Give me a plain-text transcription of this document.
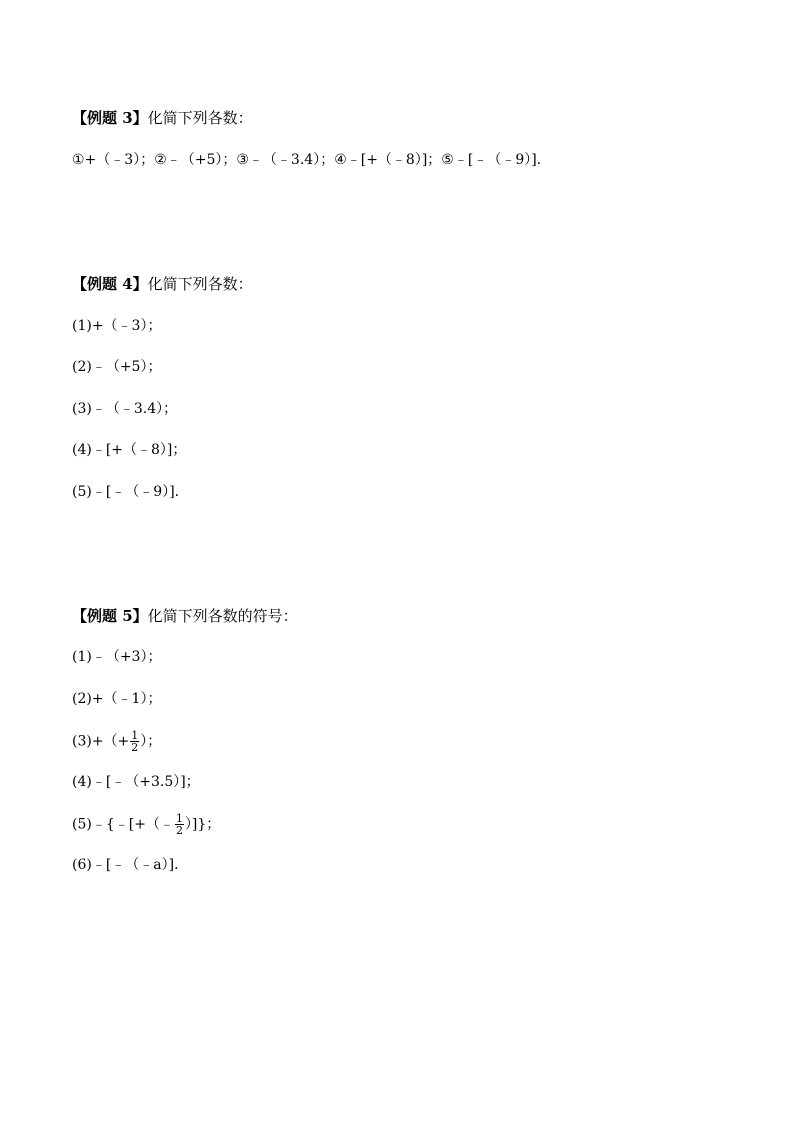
【例题 3】化简下列各数：
①+（﹣3）；②﹣（+5）；③﹣（﹣3.4）；④﹣[+（﹣8）]；⑤﹣[﹣（﹣9）]．
【例题 4】化简下列各数：
(1)+（﹣3）；
(2)﹣（+5）；
(3)﹣（﹣3.4）；
(4)﹣[+（﹣8）]；
(5)﹣[﹣（﹣9）]．
【例题 5】化简下列各数的符号：
(1)﹣（+3）；
(2)+（﹣1）；
$(3)+(+ \frac{1}{2}$ ）；
(4)﹣[﹣（+3.5）]；
(5)﹣{﹣[+（﹣ $\frac{1}{2}$ ）]}；
(6)﹣[﹣（﹣a）]．
